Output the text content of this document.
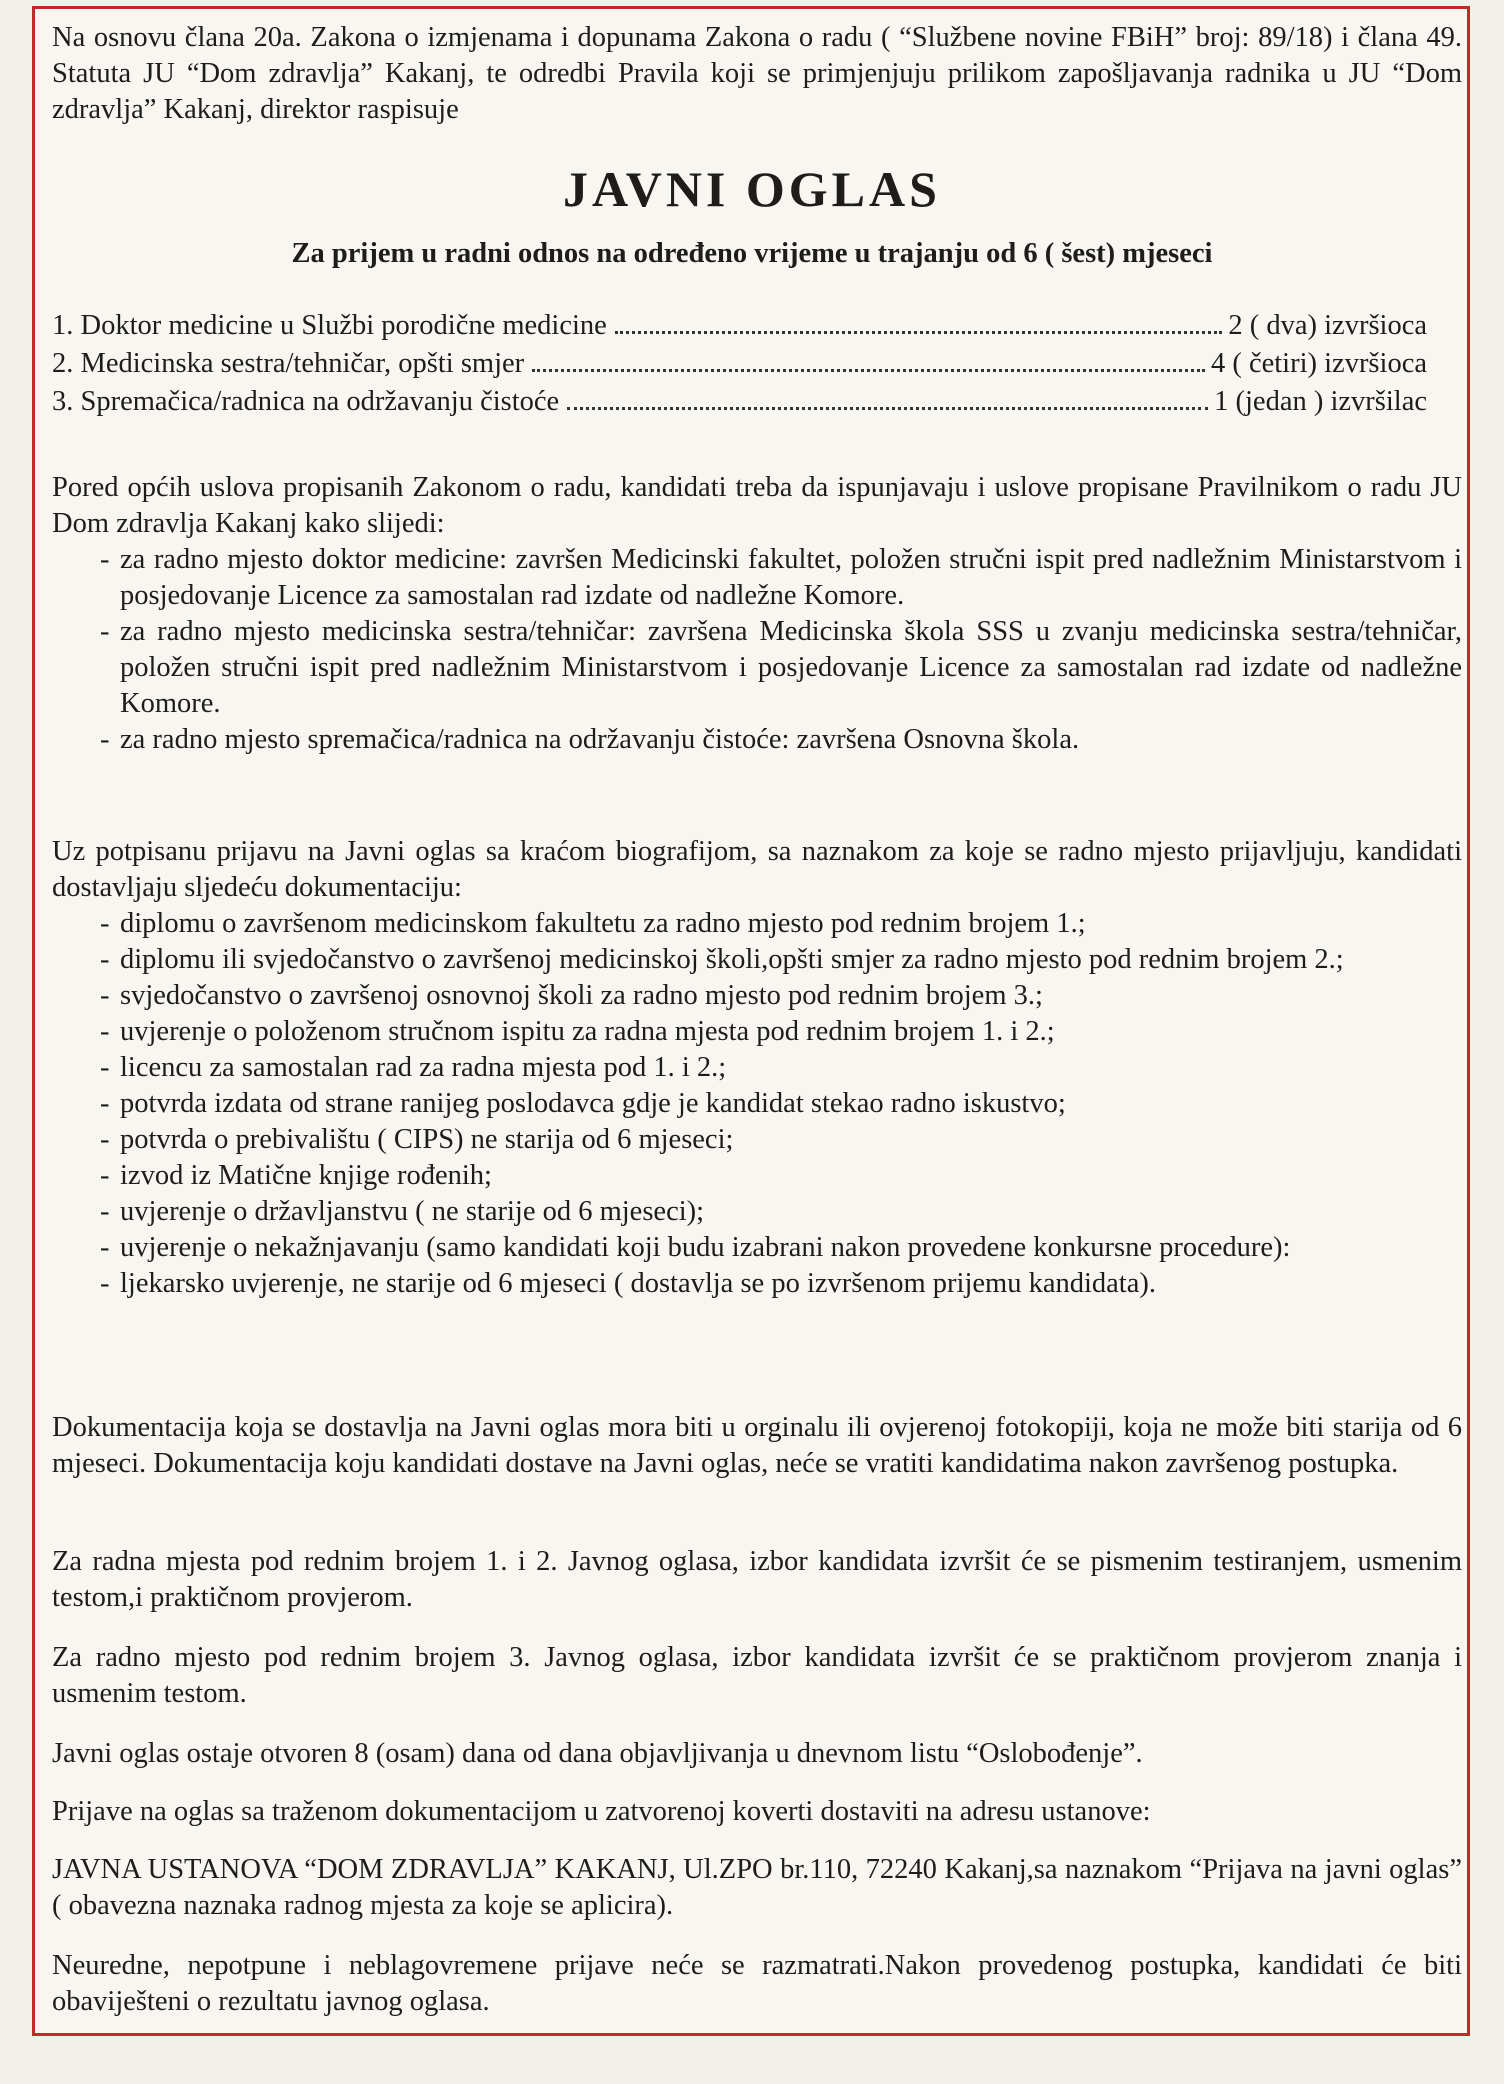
Na osnovu člana 20a. Zakona o izmjenama i dopunama Zakona o radu ( “Službene novine FBiH” broj: 89/18) i člana 49. Statuta JU “Dom zdravlja” Kakanj, te odredbi Pravila koji se primjenjuju prilikom zapošljavanja radnika u JU “Dom zdravlja” Kakanj, direktor raspisuje

JAVNI OGLAS
Za prijem u radni odnos na određeno vrijeme u trajanju od 6 ( šest) mjeseci
1. Doktor medicine u Službi porodične medicine	2 ( dva) izvršioca
2. Medicinska sestra/tehničar, opšti smjer	4 ( četiri) izvršioca
3. Spremačica/radnica na održavanju čistoće	1 (jedan ) izvršilac

Pored općih uslova propisanih Zakonom o radu, kandidati treba da ispunjavaju i uslove propisane Pravilnikom o radu JU Dom zdravlja Kakanj kako slijedi:

- za radno mjesto doktor medicine: završen Medicinski fakultet, položen stručni ispit pred nadležnim Ministarstvom i posjedovanje Licence za samostalan rad izdate od nadležne Komore.
- za radno mjesto medicinska sestra/tehničar: završena Medicinska škola SSS u zvanju medicinska sestra/tehničar, položen stručni ispit pred nadležnim Ministarstvom i posjedovanje Licence za samostalan rad izdate od nadležne Komore.
- za radno mjesto spremačica/radnica na održavanju čistoće: završena Osnovna škola.

Uz potpisanu prijavu na Javni oglas sa kraćom biografijom, sa naznakom za koje se radno mjesto prijavljuju, kandidati dostavljaju sljedeću dokumentaciju:

- diplomu o završenom medicinskom fakultetu za radno mjesto pod rednim brojem 1.;
- diplomu ili svjedočanstvo o završenoj medicinskoj školi,opšti smjer za radno mjesto pod rednim brojem 2.;
- svjedočanstvo o završenoj osnovnoj školi za radno mjesto pod rednim brojem 3.;
- uvjerenje o položenom stručnom ispitu za radna mjesta pod rednim brojem 1. i 2.;
- licencu za samostalan rad za radna mjesta pod 1. i 2.;
- potvrda izdata od strane ranijeg poslodavca gdje je kandidat stekao radno iskustvo;
- potvrda o prebivalištu ( CIPS) ne starija od 6 mjeseci;
- izvod iz Matične knjige rođenih;
- uvjerenje o državljanstvu ( ne starije od 6 mjeseci);
- uvjerenje o nekažnjavanju (samo kandidati koji budu izabrani nakon provedene konkursne procedure):
- ljekarsko uvjerenje, ne starije od 6 mjeseci ( dostavlja se po izvršenom prijemu kandidata).

Dokumentacija koja se dostavlja na Javni oglas mora biti u orginalu ili ovjerenoj fotokopiji, koja ne može biti starija od 6 mjeseci. Dokumentacija koju kandidati dostave na Javni oglas, neće se vratiti kandidatima nakon završenog postupka.

Za radna mjesta pod rednim brojem 1. i 2. Javnog oglasa, izbor kandidata izvršit će se pismenim testiranjem, usmenim testom,i praktičnom provjerom.

Za radno mjesto pod rednim brojem 3. Javnog oglasa, izbor kandidata izvršit će se praktičnom provjerom znanja i usmenim testom.

Javni oglas ostaje otvoren 8 (osam) dana od dana objavljivanja u dnevnom listu “Oslobođenje”.

Prijave na oglas sa traženom dokumentacijom u zatvorenoj koverti dostaviti na adresu ustanove:

JAVNA USTANOVA “DOM ZDRAVLJA” KAKANJ, Ul.ZPO br.110, 72240 Kakanj,sa naznakom “Prijava na javni oglas” ( obavezna naznaka radnog mjesta za koje se aplicira).

Neuredne, nepotpune i neblagovremene prijave neće se razmatrati.Nakon provedenog postupka, kandidati će biti obaviješteni o rezultatu javnog oglasa.
